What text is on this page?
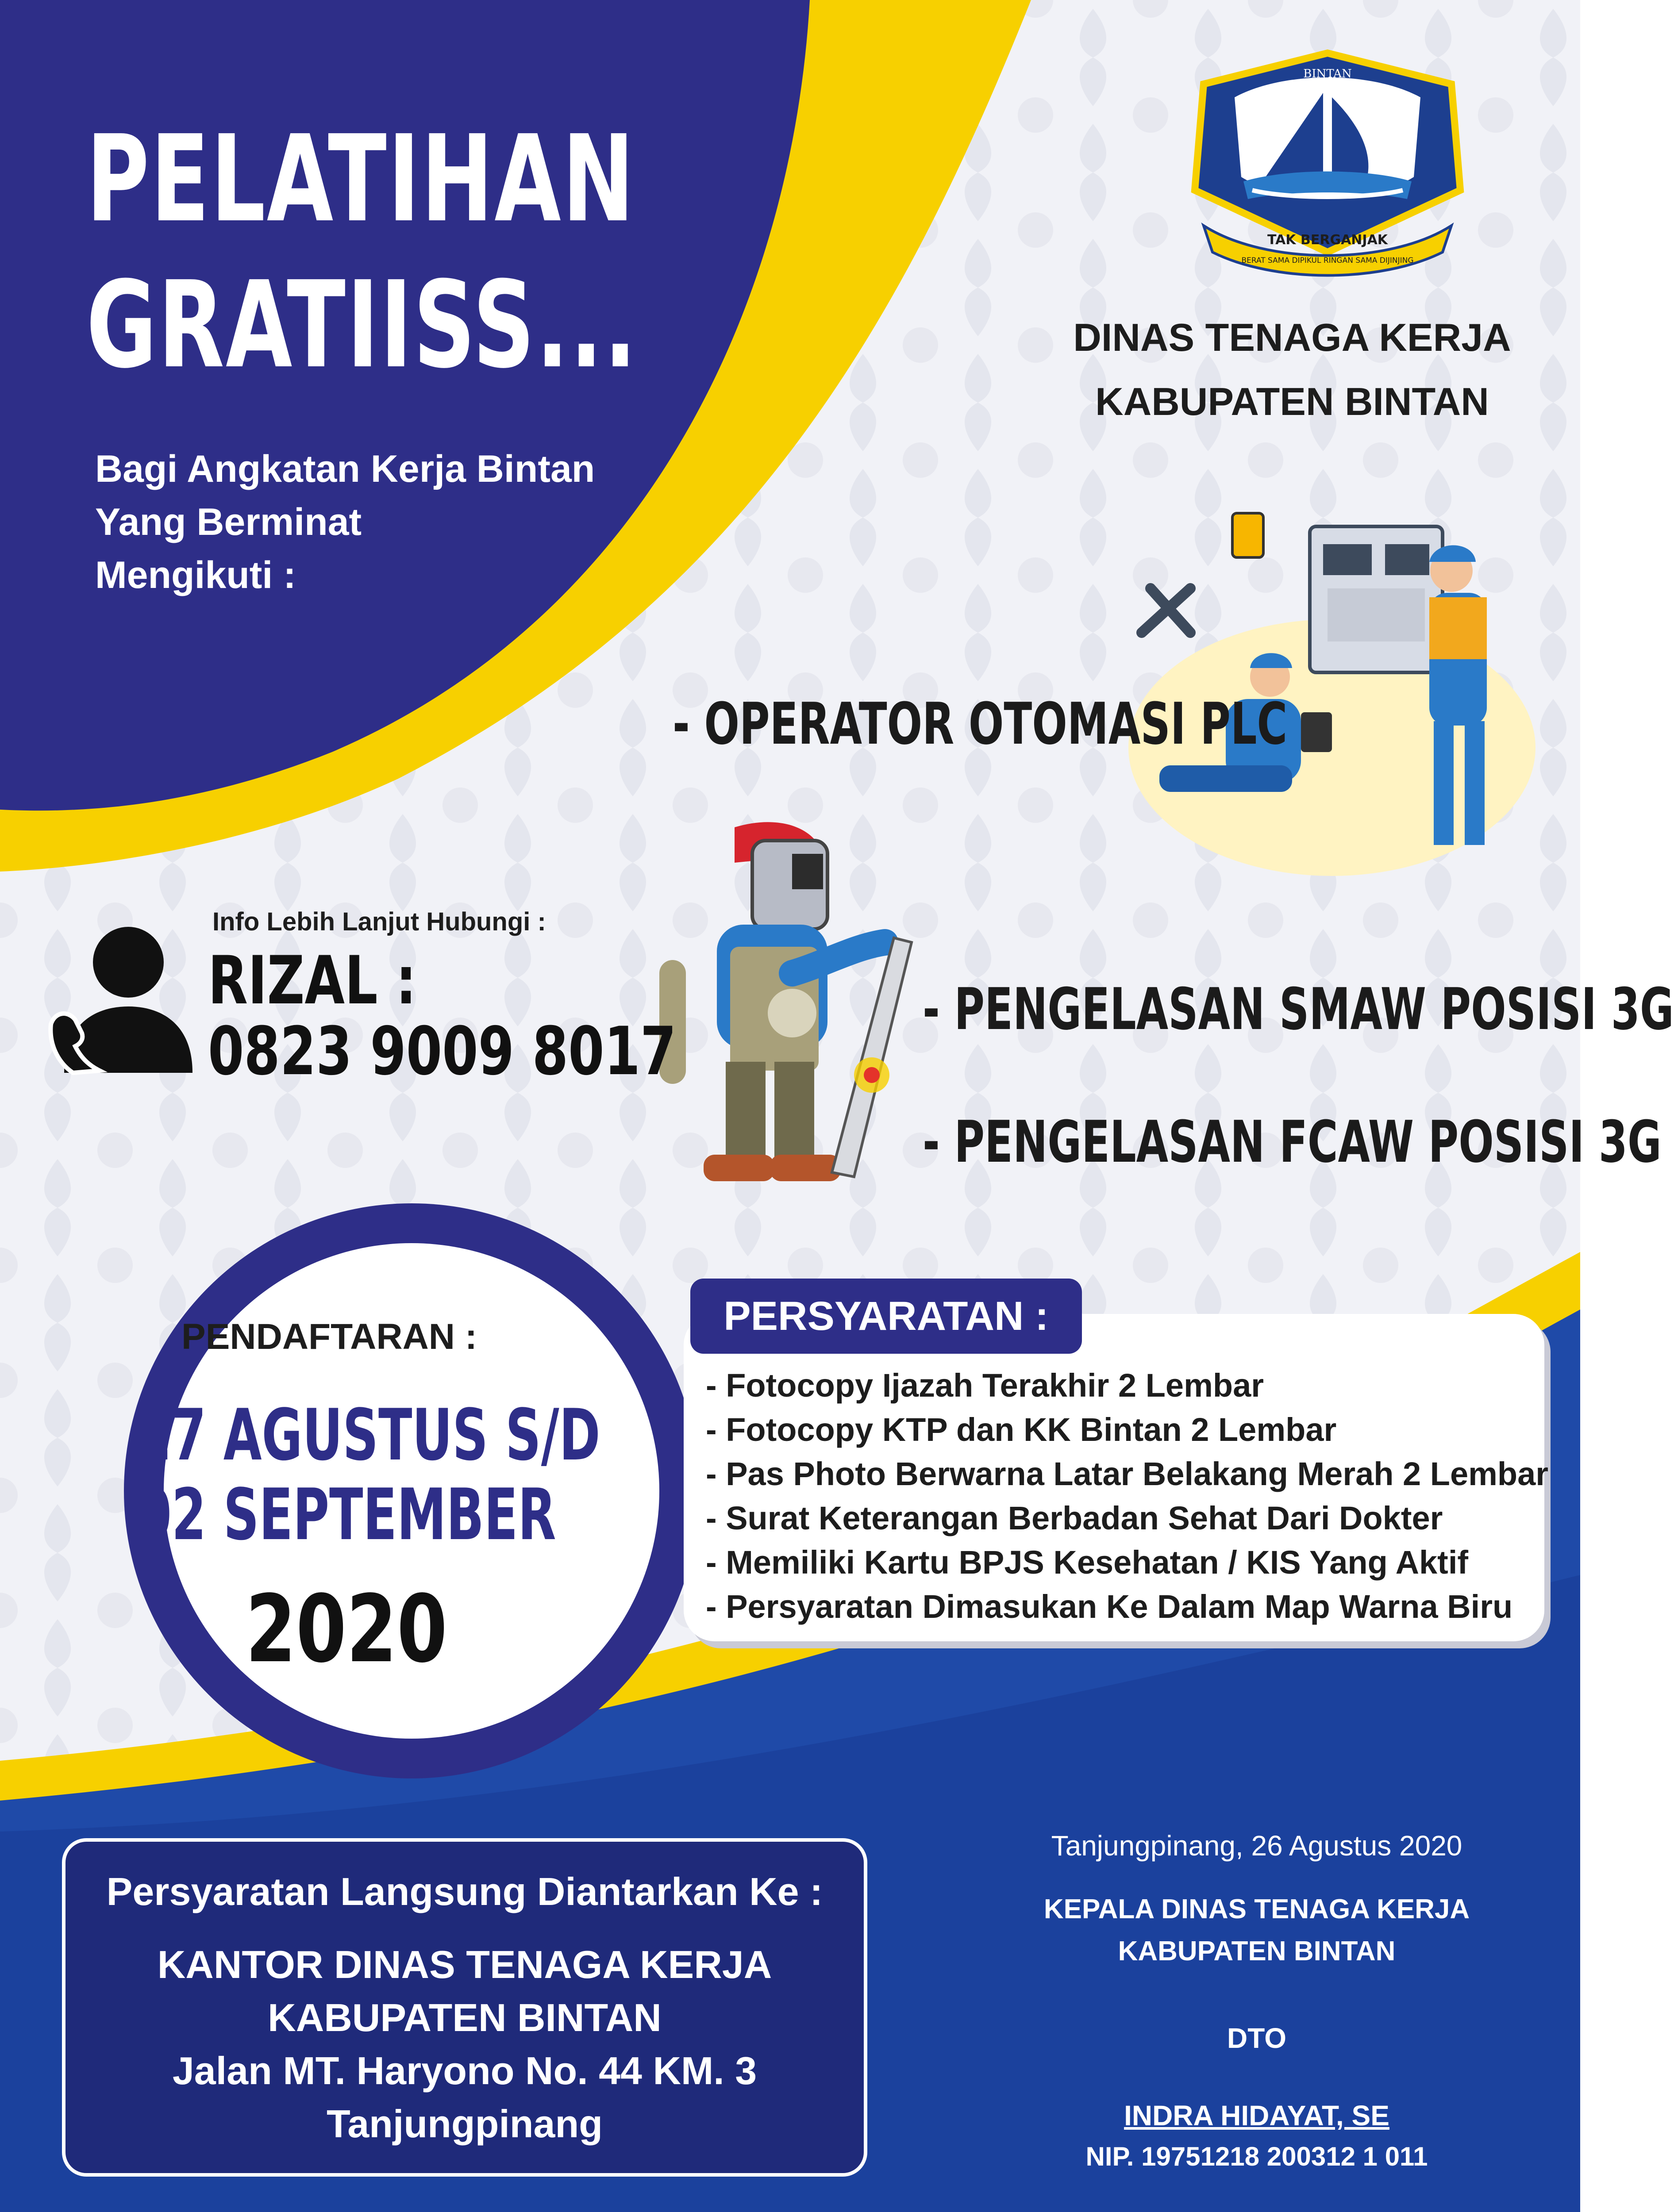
PELATIHAN
GRATIISS...
Bagi Angkatan Kerja Bintan
Yang Berminat
Mengikuti :
BINTAN
TAK BERGANJAK
BERAT SAMA DIPIKUL RINGAN SAMA DIJINJING
DINAS TENAGA KERJA
KABUPATEN BINTAN
- OPERATOR OTOMASI PLC
- PENGELASAN SMAW POSISI 3G
- PENGELASAN FCAW POSISI 3G
Info Lebih Lanjut Hubungi :
RIZAL :
0823 9009 8017
PENDAFTARAN :
27 AGUSTUS S/D
02 SEPTEMBER
2020
PERSYARATAN :
- Fotocopy Ijazah Terakhir 2 Lembar
- Fotocopy KTP dan KK Bintan 2 Lembar
- Pas Photo Berwarna Latar Belakang Merah 2 Lembar
- Surat Keterangan Berbadan Sehat Dari Dokter
- Memiliki Kartu BPJS Kesehatan / KIS Yang Aktif
- Persyaratan Dimasukan Ke Dalam Map Warna Biru
Persyaratan Langsung Diantarkan Ke :
KANTOR DINAS TENAGA KERJA
KABUPATEN BINTAN
Jalan MT. Haryono No. 44 KM. 3
Tanjungpinang
Tanjungpinang, 26 Agustus 2020
KEPALA DINAS TENAGA KERJA
KABUPATEN BINTAN
DTO
INDRA HIDAYAT, SE
NIP. 19751218 200312 1 011
